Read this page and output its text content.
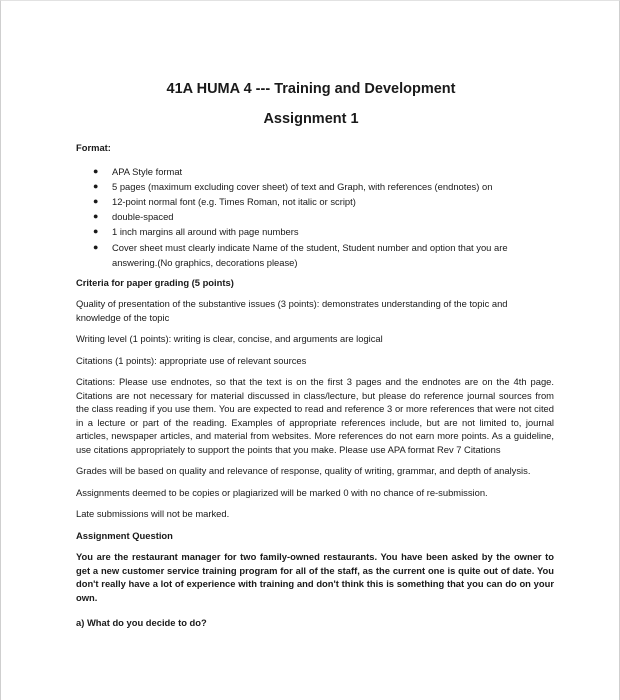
41A HUMA 4 --- Training and Development
Assignment 1

Format:

● APA Style format
● 5 pages (maximum excluding cover sheet) of text and Graph, with references (endnotes) on
● 12-point normal font (e.g. Times Roman, not italic or script)
● double-spaced
● 1 inch margins all around with page numbers
● Cover sheet must clearly indicate Name of the student, Student number and option that you are answering.(No graphics, decorations please)

Criteria for paper grading (5 points)

Quality of presentation of the substantive issues (3 points): demonstrates understanding of the topic and knowledge of the topic

Writing level (1 points): writing is clear, concise, and arguments are logical

Citations (1 points): appropriate use of relevant sources

Citations: Please use endnotes, so that the text is on the first 3 pages and the endnotes are on the 4th page. Citations are not necessary for material discussed in class/lecture, but please do reference journal sources from the class reading if you use them. You are expected to read and reference 3 or more references that were not cited in a lecture or part of the reading. Examples of appropriate references include, but are not limited to, journal articles, newspaper articles, and material from websites. More references do not earn more points. As a guideline, use citations appropriately to support the points that you make. Please use APA format Rev 7 Citations

Grades will be based on quality and relevance of response, quality of writing, grammar, and depth of analysis.

Assignments deemed to be copies or plagiarized will be marked 0 with no chance of re-submission.

Late submissions will not be marked.

Assignment Question

You are the restaurant manager for two family-owned restaurants. You have been asked by the owner to get a new customer service training program for all of the staff, as the current one is quite out of date. You don't really have a lot of experience with training and don't think this is something that you can do on your own.

a) What do you decide to do?
